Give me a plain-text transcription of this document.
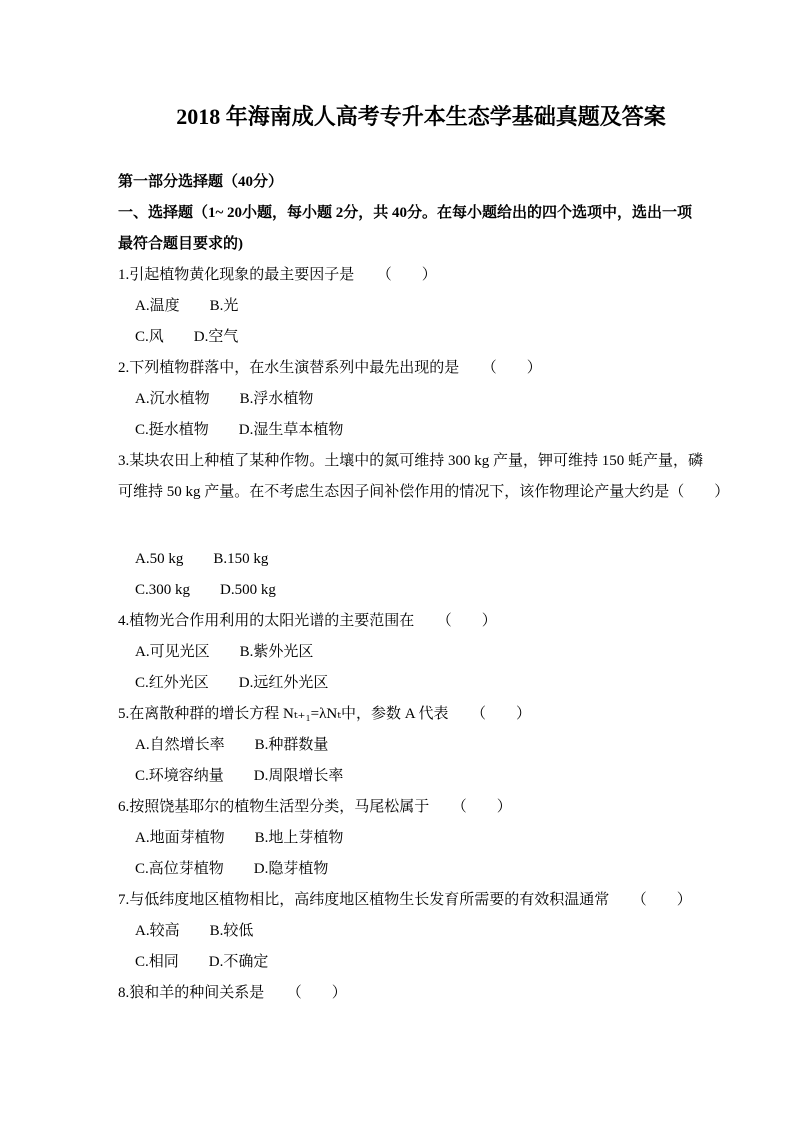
2018 年海南成人高考专升本生态学基础真题及答案

第一部分选择题（40分）

一、选择题（1~ 20小题，每小题 2分，共 40分。在每小题给出的四个选项中，选出一项

最符合题目要求的)

1.引起植物黄化现象的最主要因子是　　（　　）

A.温度　　B.光

C.风　　D.空气

2.下列植物群落中，在水生演替系列中最先出现的是　　（　　）

A.沉水植物　　B.浮水植物

C.挺水植物　　D.湿生草本植物

3.某块农田上种植了某种作物。土壤中的氮可维持 300 kg 产量，钾可维持 150 蚝产量，磷

可维持 50 kg 产量。在不考虑生态因子间补偿作用的情况下，该作物理论产量大约是（　　）

A.50 kg　　B.150 kg

C.300 kg　　D.500 kg

4.植物光合作用利用的太阳光谱的主要范围在　　（　　）

A.可见光区　　B.紫外光区

C.红外光区　　D.远红外光区

5.在离散种群的增长方程 Nₜ₊₁=λNₜ中，参数 A 代表　　（　　）

A.自然增长率　　B.种群数量

C.环境容纳量　　D.周限增长率

6.按照饶基耶尔的植物生活型分类，马尾松属于　　（　　）

A.地面芽植物　　B.地上芽植物

C.高位芽植物　　D.隐芽植物

7.与低纬度地区植物相比，高纬度地区植物生长发育所需要的有效积温通常　　（　　）

A.较高　　B.较低

C.相同　　D.不确定

8.狼和羊的种间关系是　　（　　）
